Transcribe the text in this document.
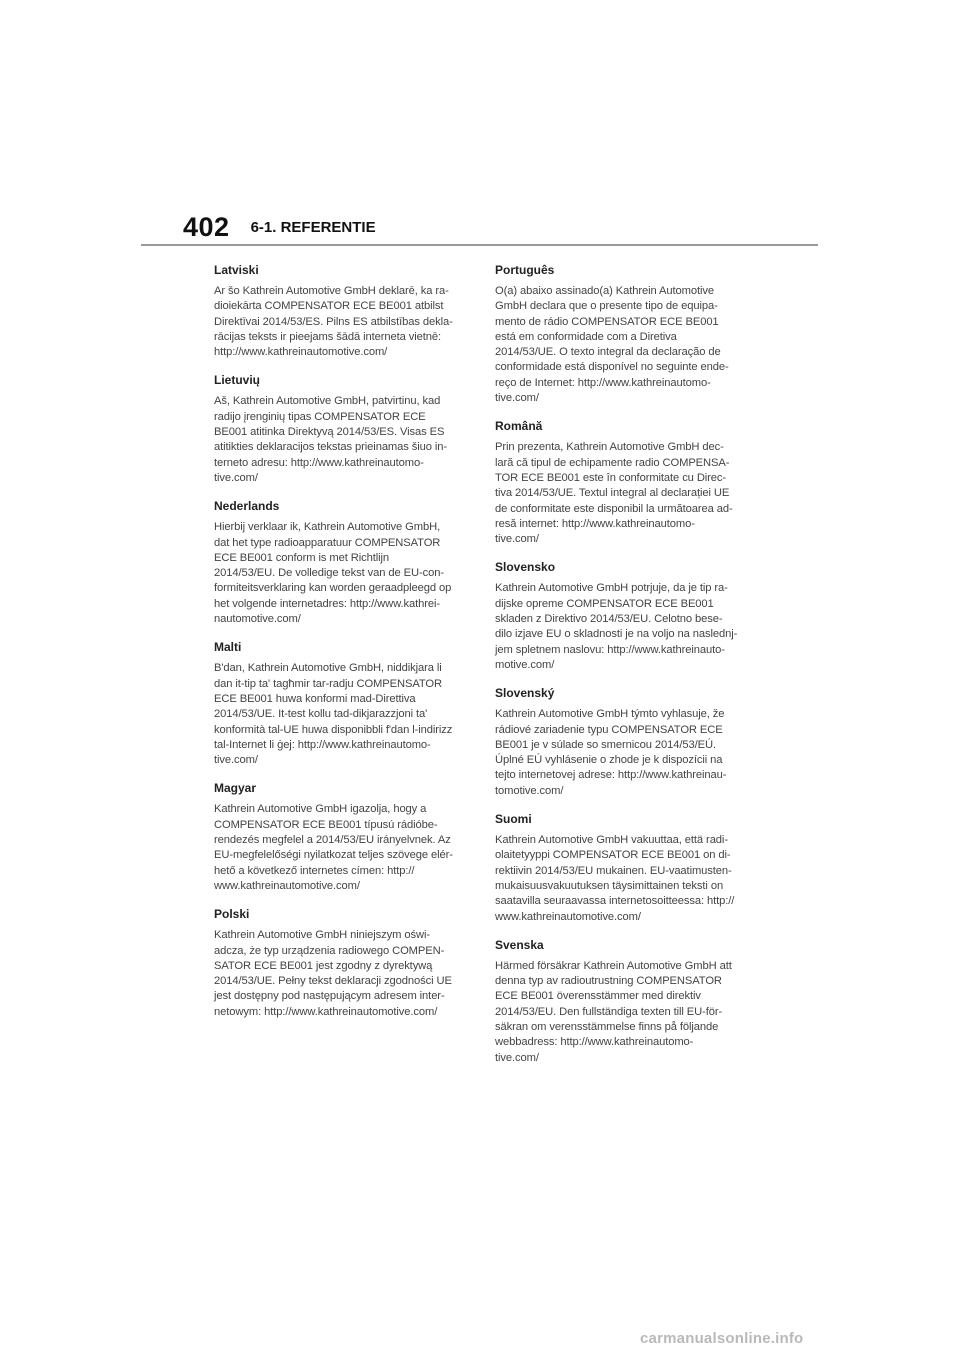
402 6-1. REFERENTIE
Latviski

Ar šo Kathrein Automotive GmbH deklarē, ka ra-
dioiekārta COMPENSATOR ECE BE001 atbilst
Direktīvai 2014/53/ES. Pilns ES atbilstības dekla-
rācijas teksts ir pieejams šādā interneta vietnē:
http://www.kathreinautomotive.com/

Lietuvių

Aš, Kathrein Automotive GmbH, patvirtinu, kad
radijo įrenginių tipas COMPENSATOR ECE
BE001 atitinka Direktyvą 2014/53/ES. Visas ES
atitikties deklaracijos tekstas prieinamas šiuo in-
terneto adresu: http://www.kathreinautomo-
tive.com/

Nederlands

Hierbij verklaar ik, Kathrein Automotive GmbH,
dat het type radioapparatuur COMPENSATOR
ECE BE001 conform is met Richtlijn
2014/53/EU. De volledige tekst van de EU-con-
formiteitsverklaring kan worden geraadpleegd op
het volgende internetadres: http://www.kathrei-
nautomotive.com/

Malti

B'dan, Kathrein Automotive GmbH, niddikjara li
dan it-tip ta' tagħmir tar-radju COMPENSATOR
ECE BE001 huwa konformi mad-Direttiva
2014/53/UE. It-test kollu tad-dikjarazzjoni ta'
konformità tal-UE huwa disponibbli f'dan l-indirizz
tal-Internet li ġej: http://www.kathreinautomo-
tive.com/

Magyar

Kathrein Automotive GmbH igazolja, hogy a
COMPENSATOR ECE BE001 típusú rádióbe-
rendezés megfelel a 2014/53/EU irányelvnek. Az
EU-megfelelőségi nyilatkozat teljes szövege elér-
hető a következő internetes címen: http://
www.kathreinautomotive.com/

Polski

Kathrein Automotive GmbH niniejszym oświ-
adcza, że typ urządzenia radiowego COMPEN-
SATOR ECE BE001 jest zgodny z dyrektywą
2014/53/UE. Pełny tekst deklaracji zgodności UE
jest dostępny pod następującym adresem inter-
netowym: http://www.kathreinautomotive.com/

Português

O(a) abaixo assinado(a) Kathrein Automotive
GmbH declara que o presente tipo de equipa-
mento de rádio COMPENSATOR ECE BE001
está em conformidade com a Diretiva
2014/53/UE. O texto integral da declaração de
conformidade está disponível no seguinte ende-
reço de Internet: http://www.kathreinautomo-
tive.com/

Română

Prin prezenta, Kathrein Automotive GmbH dec-
lară că tipul de echipamente radio COMPENSA-
TOR ECE BE001 este în conformitate cu Direc-
tiva 2014/53/UE. Textul integral al declarației UE
de conformitate este disponibil la următoarea ad-
resă internet: http://www.kathreinautomo-
tive.com/

Slovensko

Kathrein Automotive GmbH potrjuje, da je tip ra-
dijske opreme COMPENSATOR ECE BE001
skladen z Direktivo 2014/53/EU. Celotno bese-
dilo izjave EU o skladnosti je na voljo na naslednj-
jem spletnem naslovu: http://www.kathreinauto-
motive.com/

Slovenský

Kathrein Automotive GmbH týmto vyhlasuje, že
rádiové zariadenie typu COMPENSATOR ECE
BE001 je v súlade so smernicou 2014/53/EÚ.
Úplné EÚ vyhlásenie o zhode je k dispozícii na
tejto internetovej adrese: http://www.kathreinau-
tomotive.com/

Suomi

Kathrein Automotive GmbH vakuuttaa, että radi-
olaitetyyppi COMPENSATOR ECE BE001 on di-
rektiivin 2014/53/EU mukainen. EU-vaatimusten-
mukaisuusvakuutuksen täysimittainen teksti on
saatavilla seuraavassa internetosoitteessa: http://
www.kathreinautomotive.com/

Svenska

Härmed försäkrar Kathrein Automotive GmbH att
denna typ av radioutrustning COMPENSATOR
ECE BE001 överensstämmer med direktiv
2014/53/EU. Den fullständiga texten till EU-för-
säkran om verensstämmelse finns på följande
webbadress: http://www.kathreinautomo-
tive.com/

carmanualsonline.info
